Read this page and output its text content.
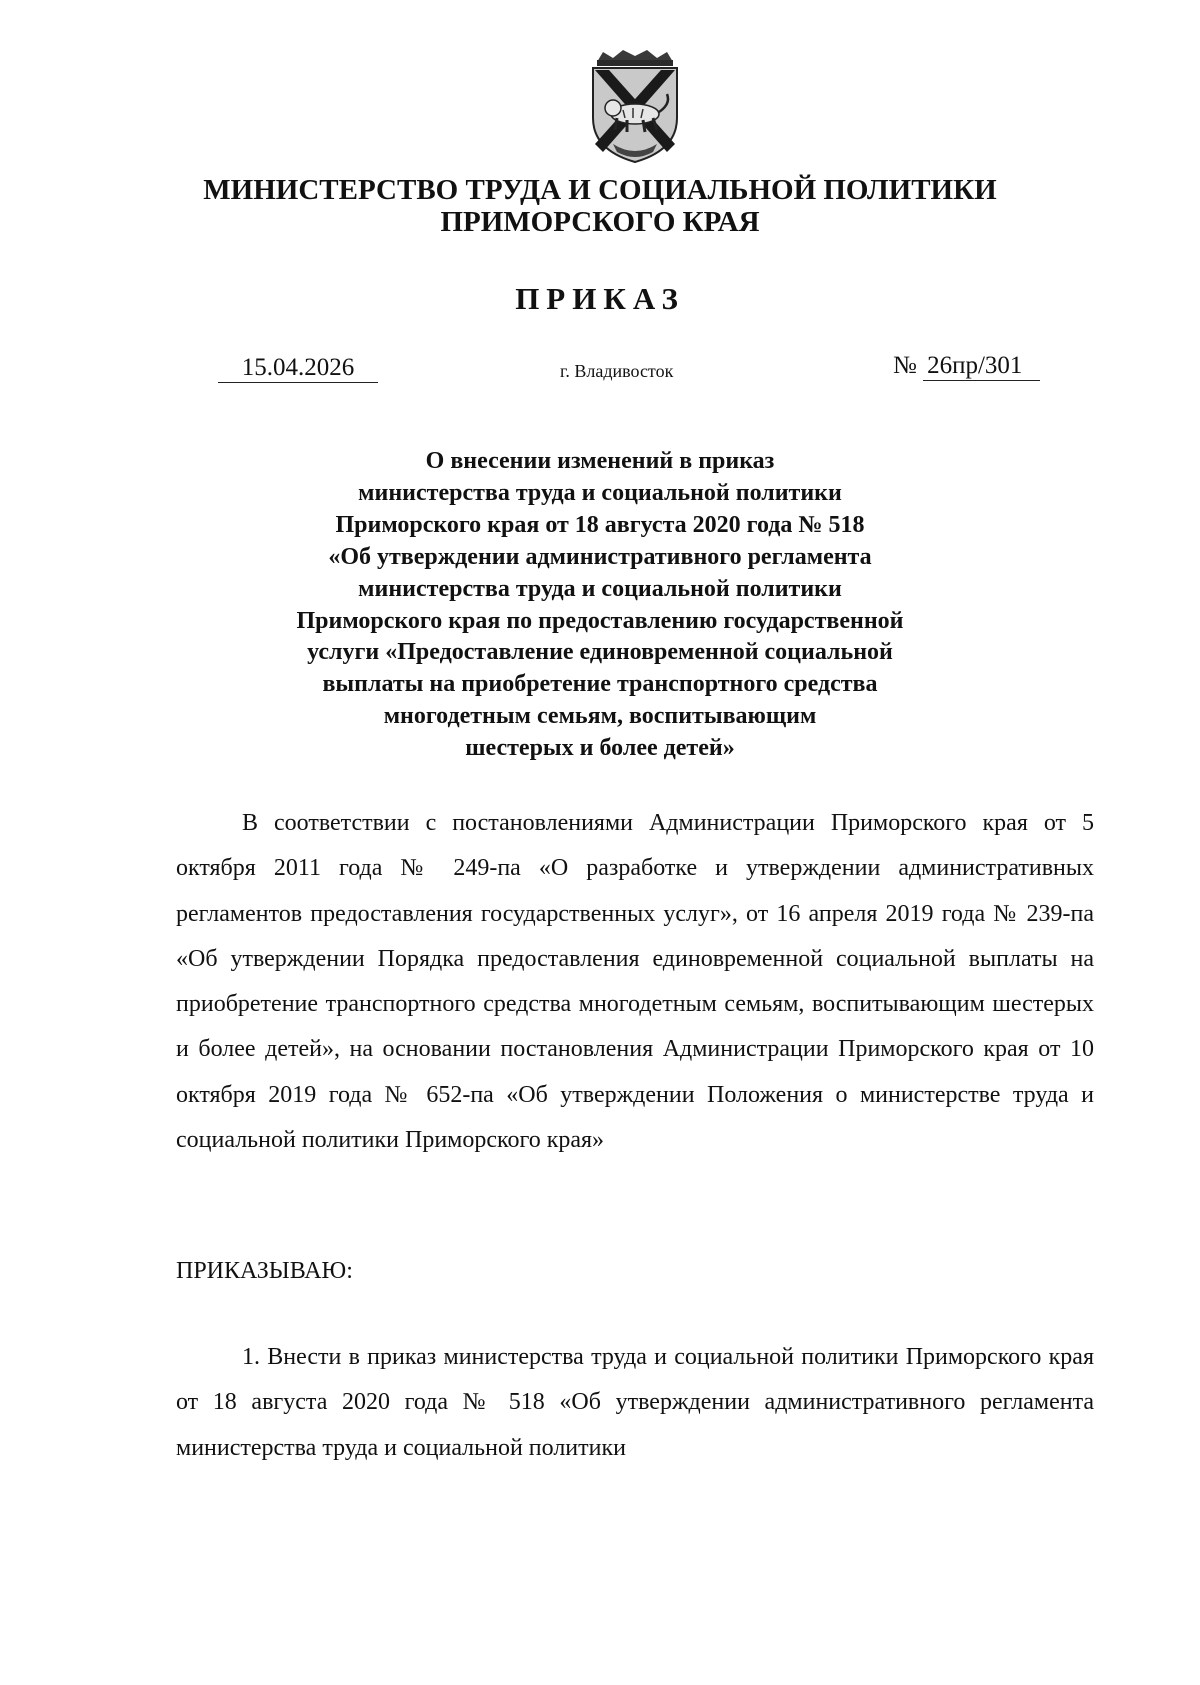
МИНИСТЕРСТВО ТРУДА И СОЦИАЛЬНОЙ ПОЛИТИКИ
ПРИМОРСКОГО КРАЯ
ПРИКАЗ
15.04.2026	г. Владивосток	№ 26пр/301
О внесении изменений в приказ
министерства труда и социальной политики
Приморского края от 18 августа 2020 года № 518
«Об утверждении административного регламента
министерства труда и социальной политики
Приморского края по предоставлению государственной
услуги «Предоставление единовременной социальной
выплаты на приобретение транспортного средства
многодетным семьям, воспитывающим
шестерых и более детей»

В соответствии с постановлениями Администрации Приморского края от 5 октября 2011 года № 249-па «О разработке и утверждении административных регламентов предоставления государственных услуг», от 16 апреля 2019 года № 239-па «Об утверждении Порядка предоставления единовременной социальной выплаты на приобретение транспортного средства многодетным семьям, воспитывающим шестерых и более детей», на основании постановления Администрации Приморского края от 10 октября 2019 года № 652-па «Об утверждении Положения о министерстве труда и социальной политики Приморского края»

ПРИКАЗЫВАЮ:

1. Внести в приказ министерства труда и социальной политики Приморского края от 18 августа 2020 года № 518 «Об утверждении административного регламента министерства труда и социальной политики
